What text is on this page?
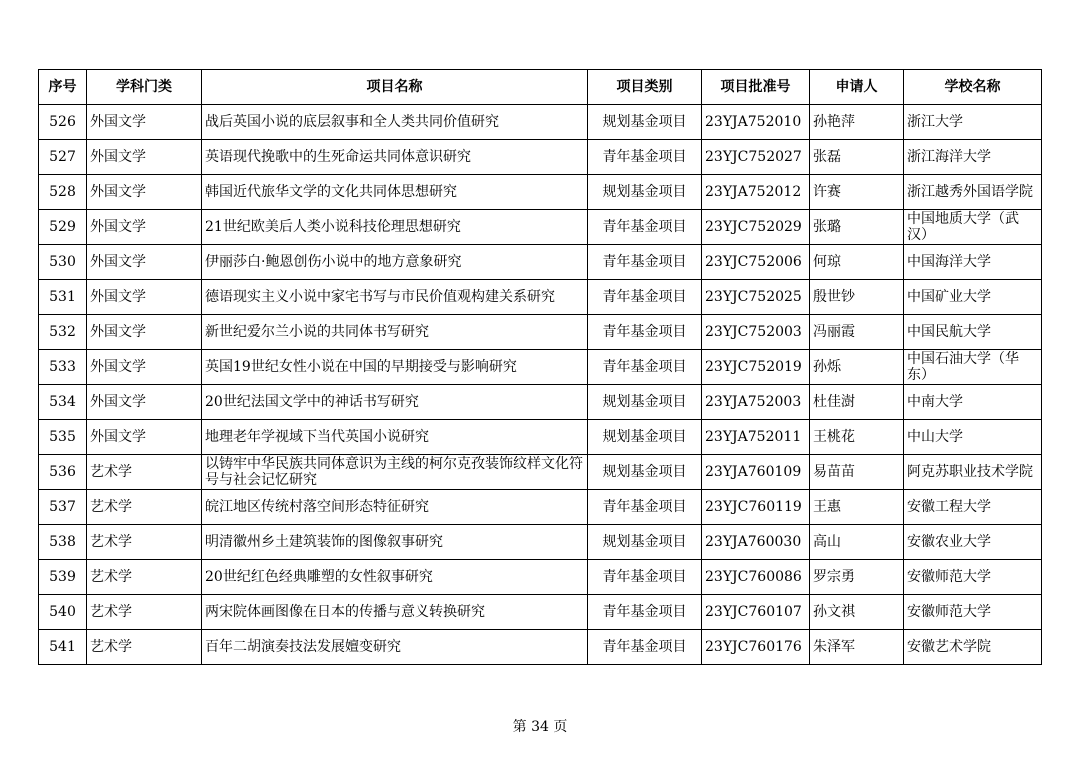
序号	学科门类	项目名称	项目类别	项目批准号	申请人	学校名称
526	外国文学	战后英国小说的底层叙事和全人类共同价值研究	规划基金项目	23YJA752010	孙艳萍	浙江大学
527	外国文学	英语现代挽歌中的生死命运共同体意识研究	青年基金项目	23YJC752027	张磊	浙江海洋大学
528	外国文学	韩国近代旅华文学的文化共同体思想研究	规划基金项目	23YJA752012	许赛	浙江越秀外国语学院
529	外国文学	21世纪欧美后人类小说科技伦理思想研究	青年基金项目	23YJC752029	张璐	中国地质大学（武汉）
530	外国文学	伊丽莎白·鲍恩创伤小说中的地方意象研究	青年基金项目	23YJC752006	何琼	中国海洋大学
531	外国文学	德语现实主义小说中家宅书写与市民价值观构建关系研究	青年基金项目	23YJC752025	殷世钞	中国矿业大学
532	外国文学	新世纪爱尔兰小说的共同体书写研究	青年基金项目	23YJC752003	冯丽霞	中国民航大学
533	外国文学	英国19世纪女性小说在中国的早期接受与影响研究	青年基金项目	23YJC752019	孙烁	中国石油大学（华东）
534	外国文学	20世纪法国文学中的神话书写研究	规划基金项目	23YJA752003	杜佳澍	中南大学
535	外国文学	地理老年学视域下当代英国小说研究	规划基金项目	23YJA752011	王桃花	中山大学
536	艺术学	以铸牢中华民族共同体意识为主线的柯尔克孜装饰纹样文化符号与社会记忆研究	规划基金项目	23YJA760109	易苗苗	阿克苏职业技术学院
537	艺术学	皖江地区传统村落空间形态特征研究	青年基金项目	23YJC760119	王惠	安徽工程大学
538	艺术学	明清徽州乡土建筑装饰的图像叙事研究	规划基金项目	23YJA760030	高山	安徽农业大学
539	艺术学	20世纪红色经典雕塑的女性叙事研究	青年基金项目	23YJC760086	罗宗勇	安徽师范大学
540	艺术学	两宋院体画图像在日本的传播与意义转换研究	青年基金项目	23YJC760107	孙文祺	安徽师范大学
541	艺术学	百年二胡演奏技法发展嬗变研究	青年基金项目	23YJC760176	朱泽军	安徽艺术学院
第 34 页
